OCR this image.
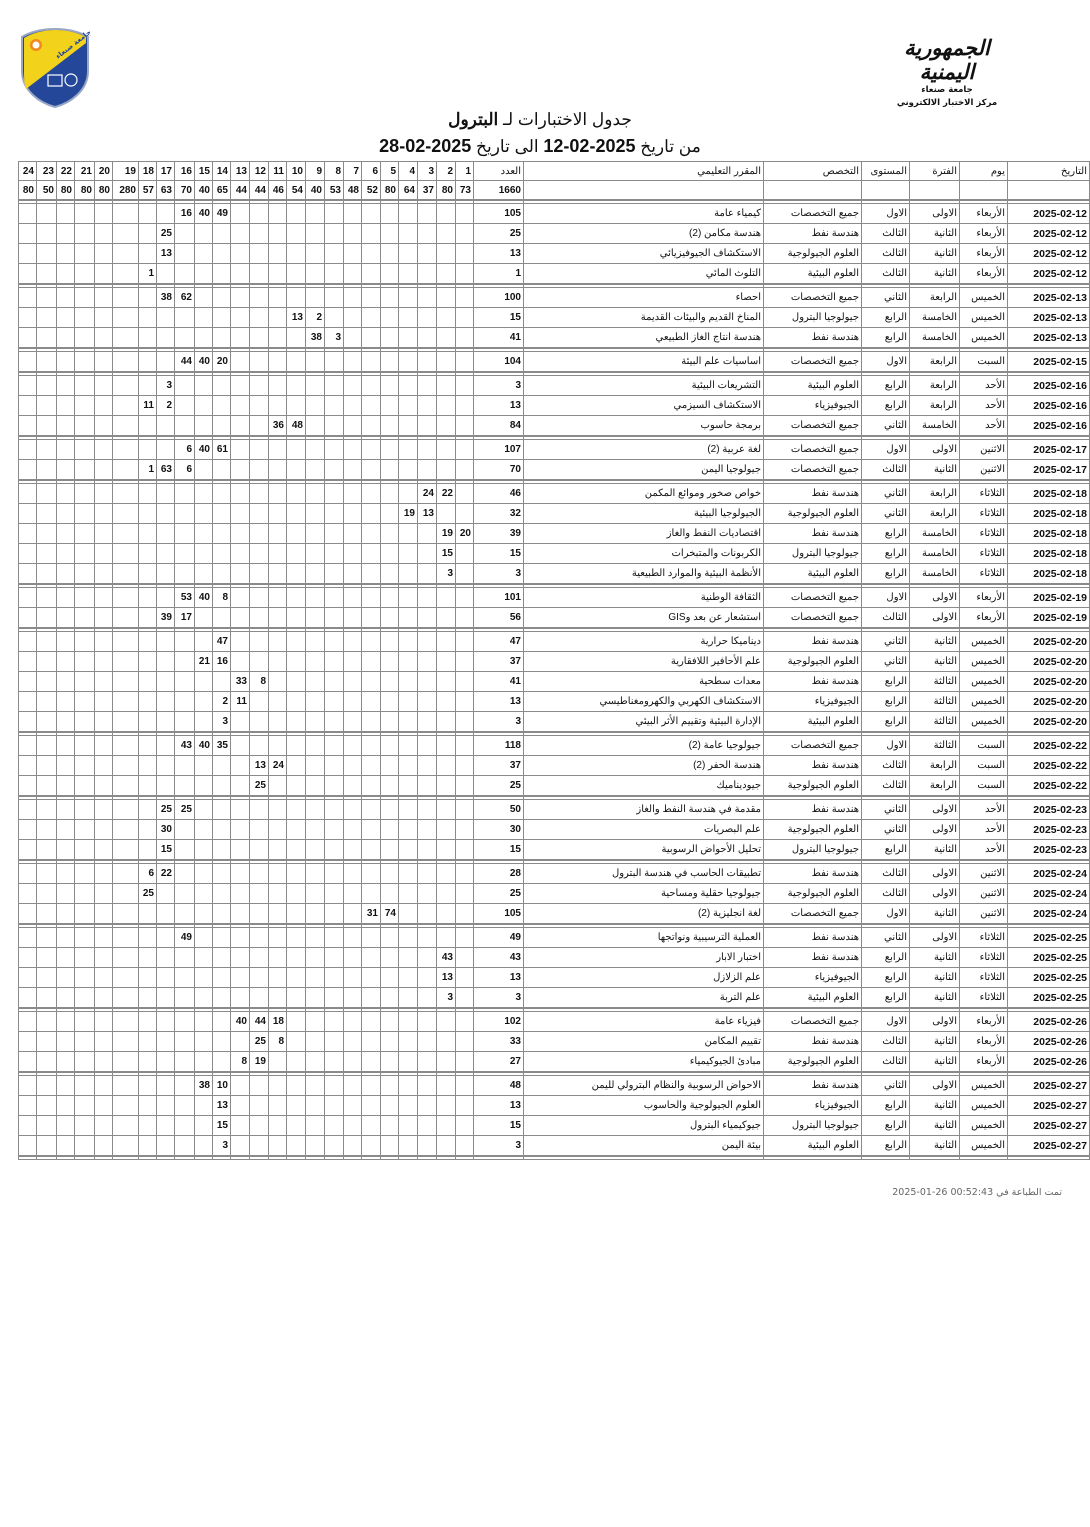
جامعة صنعاء	الجمهورية اليمنية
جامعة صنعاء
مركز الاختبار الالكتروني
جدول الاختبارات لـ البترول
من تاريخ 2025-02-12 الى تاريخ 2025-02-28
24	23	22	21	20	19	18	17	16	15	14	13	12	11	10	9	8	7	6	5	4	3	2	1	العدد	المقرر التعليمي	التخصص	المستوى	الفترة	يوم	التاريخ
80	50	80	80	80	280	57	63	70	40	65	44	44	46	54	40	53	48	52	80	64	37	80	73	1660						

								16	40	49														105	كيمياء عامة	جميع التخصصات	الاول	الاولى	الأربعاء	2025-02-12
							25																	25	هندسة مكامن (2)	هندسة نفط	الثالث	الثانية	الأربعاء	2025-02-12
							13																	13	الاستكشاف الجيوفيزيائي	العلوم الجيولوجية	الثالث	الثانية	الأربعاء	2025-02-12
						1																		1	التلوث المائي	العلوم البيئية	الثالث	الثانية	الأربعاء	2025-02-12

							38	62																100	احصاء	جميع التخصصات	الثاني	الرابعة	الخميس	2025-02-13
														13	2									15	المناخ القديم والبيئات القديمة	جيولوجيا البترول	الرابع	الخامسة	الخميس	2025-02-13
															38	3								41	هندسة انتاج الغاز الطبيعي	هندسة نفط	الرابع	الخامسة	الخميس	2025-02-13

								44	40	20														104	اساسيات علم البيئة	جميع التخصصات	الاول	الرابعة	السبت	2025-02-15

							3																	3	التشريعات البيئية	العلوم البيئية	الرابع	الرابعة	الأحد	2025-02-16
						11	2																	13	الاستكشاف السيزمي	الجيوفيزياء	الرابع	الرابعة	الأحد	2025-02-16
													36	48										84	برمجة حاسوب	جميع التخصصات	الثاني	الخامسة	الأحد	2025-02-16

								6	40	61														107	لغة عربية (2)	جميع التخصصات	الاول	الاولى	الاثنين	2025-02-17
						1	63	6																70	جيولوجيا اليمن	جميع التخصصات	الثالث	الثانية	الاثنين	2025-02-17

																					24	22		46	خواص صخور وموائع المكمن	هندسة نفط	الثاني	الرابعة	الثلاثاء	2025-02-18
																				19	13			32	الجيولوجيا البيئية	العلوم الجيولوجية	الثاني	الرابعة	الثلاثاء	2025-02-18
																						19	20	39	اقتصاديات النفط والغاز	هندسة نفط	الرابع	الخامسة	الثلاثاء	2025-02-18
																						15		15	الكربونات والمتبخرات	جيولوجيا البترول	الرابع	الخامسة	الثلاثاء	2025-02-18
																						3		3	الأنظمة البيئية والموارد الطبيعية	العلوم البيئية	الرابع	الخامسة	الثلاثاء	2025-02-18

								53	40	8														101	الثقافة الوطنية	جميع التخصصات	الاول	الاولى	الأربعاء	2025-02-19
							39	17																56	استشعار عن بعد وGIS	جميع التخصصات	الثالث	الاولى	الأربعاء	2025-02-19

										47														47	ديناميكا حرارية	هندسة نفط	الثاني	الثانية	الخميس	2025-02-20
									21	16														37	علم الأحافير اللافقارية	العلوم الجيولوجية	الثاني	الثانية	الخميس	2025-02-20
											33	8												41	معدات سطحية	هندسة نفط	الرابع	الثالثة	الخميس	2025-02-20
										2	11													13	الاستكشاف الكهربي والكهرومغناطيسي	الجيوفيزياء	الرابع	الثالثة	الخميس	2025-02-20
										3														3	الإدارة البيئية وتقييم الأثر البيئي	العلوم البيئية	الرابع	الثالثة	الخميس	2025-02-20

								43	40	35														118	جيولوجيا عامة (2)	جميع التخصصات	الاول	الثالثة	السبت	2025-02-22
												13	24											37	هندسة الحفر (2)	هندسة نفط	الثالث	الرابعة	السبت	2025-02-22
												25												25	جيوديناميك	العلوم الجيولوجية	الثالث	الرابعة	السبت	2025-02-22

							25	25																50	مقدمة في هندسة النفط والغاز	هندسة نفط	الثاني	الاولى	الأحد	2025-02-23
							30																	30	علم البصريات	العلوم الجيولوجية	الثاني	الاولى	الأحد	2025-02-23
							15																	15	تحليل الأحواض الرسوبية	جيولوجيا البترول	الرابع	الثانية	الأحد	2025-02-23

						6	22																	28	تطبيقات الحاسب في هندسة البترول	هندسة نفط	الثالث	الاولى	الاثنين	2025-02-24
						25																		25	جيولوجيا حقلية ومساحية	العلوم الجيولوجية	الثالث	الاولى	الاثنين	2025-02-24
																		31	74					105	لغة انجليزية (2)	جميع التخصصات	الاول	الثانية	الاثنين	2025-02-24

								49																49	العملية الترسيبية ونواتجها	هندسة نفط	الثاني	الاولى	الثلاثاء	2025-02-25
																						43		43	اختبار الابار	هندسة نفط	الرابع	الثانية	الثلاثاء	2025-02-25
																						13		13	علم الزلازل	الجيوفيزياء	الرابع	الثانية	الثلاثاء	2025-02-25
																						3		3	علم التربة	العلوم البيئية	الرابع	الثانية	الثلاثاء	2025-02-25

											40	44	18											102	فيزياء عامة	جميع التخصصات	الاول	الاولى	الأربعاء	2025-02-26
												25	8											33	تقييم المكامن	هندسة نفط	الثالث	الثانية	الأربعاء	2025-02-26
											8	19												27	مبادئ الجيوكيمياء	العلوم الجيولوجية	الثالث	الثانية	الأربعاء	2025-02-26

									38	10														48	الاحواض الرسوبية والنظام البترولي لليمن	هندسة نفط	الثاني	الاولى	الخميس	2025-02-27
										13														13	العلوم الجيولوجية والحاسوب	الجيوفيزياء	الرابع	الثانية	الخميس	2025-02-27
										15														15	جيوكيمياء البترول	جيولوجيا البترول	الرابع	الثانية	الخميس	2025-02-27
										3														3	بيئة اليمن	العلوم البيئية	الرابع	الثانية	الخميس	2025-02-27

تمت الطباعة في 2025-01-26 00:52:43
